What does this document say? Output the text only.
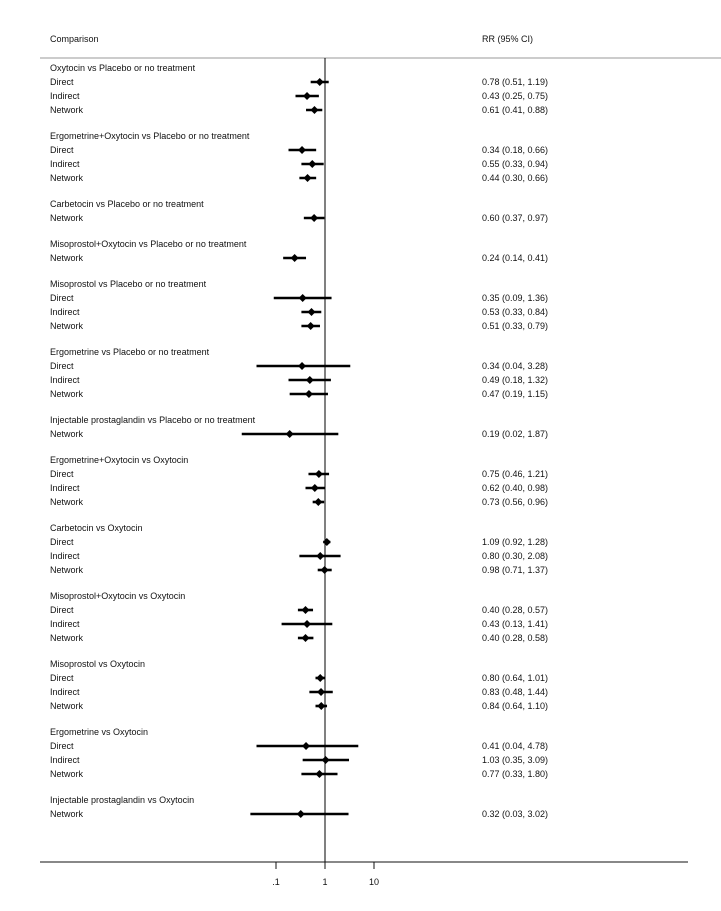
Comparison	RR (95% CI)
Oxytocin vs Placebo or no treatment
Direct	0.78 (0.51, 1.19)
Indirect	0.43 (0.25, 0.75)
Network	0.61 (0.41, 0.88)
Ergometrine+Oxytocin vs Placebo or no treatment
Direct	0.34 (0.18, 0.66)
Indirect	0.55 (0.33, 0.94)
Network	0.44 (0.30, 0.66)
Carbetocin vs Placebo or no treatment
Network	0.60 (0.37, 0.97)
Misoprostol+Oxytocin vs Placebo or no treatment
Network	0.24 (0.14, 0.41)
Misoprostol vs Placebo or no treatment
Direct	0.35 (0.09, 1.36)
Indirect	0.53 (0.33, 0.84)
Network	0.51 (0.33, 0.79)
Ergometrine vs Placebo or no treatment
Direct	0.34 (0.04, 3.28)
Indirect	0.49 (0.18, 1.32)
Network	0.47 (0.19, 1.15)
Injectable prostaglandin vs Placebo or no treatment
Network	0.19 (0.02, 1.87)
Ergometrine+Oxytocin vs Oxytocin
Direct	0.75 (0.46, 1.21)
Indirect	0.62 (0.40, 0.98)
Network	0.73 (0.56, 0.96)
Carbetocin vs Oxytocin
Direct	1.09 (0.92, 1.28)
Indirect	0.80 (0.30, 2.08)
Network	0.98 (0.71, 1.37)
Misoprostol+Oxytocin vs Oxytocin
Direct	0.40 (0.28, 0.57)
Indirect	0.43 (0.13, 1.41)
Network	0.40 (0.28, 0.58)
Misoprostol vs Oxytocin
Direct	0.80 (0.64, 1.01)
Indirect	0.83 (0.48, 1.44)
Network	0.84 (0.64, 1.10)
Ergometrine vs Oxytocin
Direct	0.41 (0.04, 4.78)
Indirect	1.03 (0.35, 3.09)
Network	0.77 (0.33, 1.80)
Injectable prostaglandin vs Oxytocin
Network	0.32 (0.03, 3.02)
.1	1	10
